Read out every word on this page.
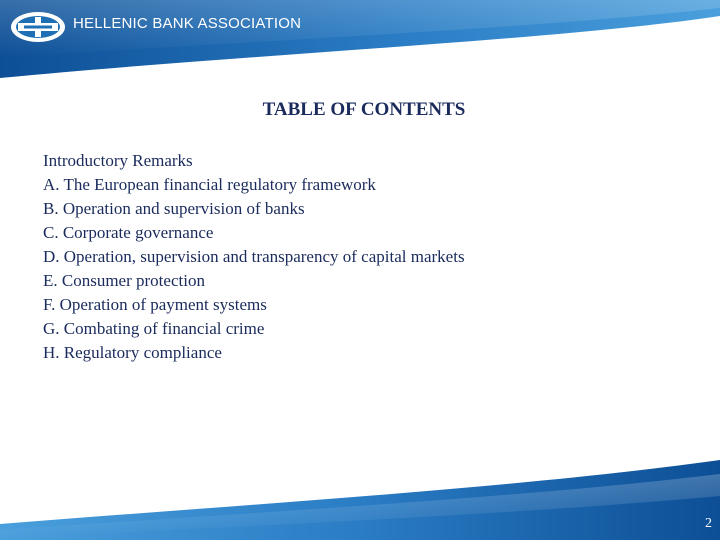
HELLENIC BANK ASSOCIATION
TABLE OF CONTENTS
Introductory Remarks
A. The European financial regulatory framework
B. Operation and supervision of banks
C. Corporate governance
D. Operation, supervision and transparency of capital markets
E. Consumer protection
F. Operation of payment systems
G. Combating of financial crime
H. Regulatory compliance
2
